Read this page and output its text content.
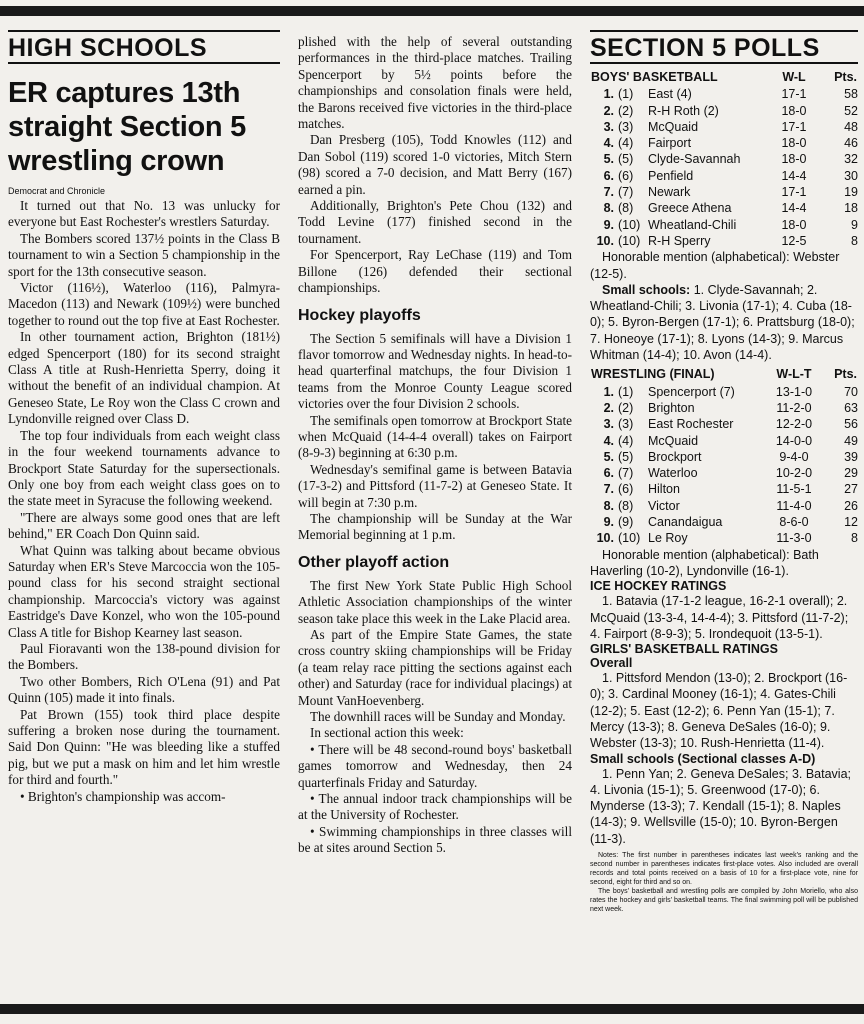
HIGH SCHOOLS
ER captures 13th straight Section 5 wrestling crown
Democrat and Chronicle

It turned out that No. 13 was unlucky for everyone but East Rochester's wrestlers Saturday.

The Bombers scored 137½ points in the Class B tournament to win a Section 5 championship in the sport for the 13th consecutive season.

Victor (116½), Waterloo (116), Palmyra-Macedon (113) and Newark (109½) were bunched together to round out the top five at East Rochester.

In other tournament action, Brighton (181½) edged Spencerport (180) for its second straight Class A title at Rush-Henrietta Sperry, doing it without the benefit of an individual champion. At Geneseo State, Le Roy won the Class C crown and Lyndonville reigned over Class D.

The top four individuals from each weight class in the four weekend tournaments advance to Brockport State Saturday for the supersectionals. Only one boy from each weight class goes on to the state meet in Syracuse the following weekend.

"There are always some good ones that are left behind," ER Coach Don Quinn said.

What Quinn was talking about became obvious Saturday when ER's Steve Marcoccia won the 105-pound class for his second straight sectional championship. Marcoccia's victory was against Eastridge's Dave Konzel, who won the 105-pound Class A title for Bishop Kearney last season.

Paul Fioravanti won the 138-pound division for the Bombers.

Two other Bombers, Rich O'Lena (91) and Pat Quinn (105) made it into finals.

Pat Brown (155) took third place despite suffering a broken nose during the tournament. Said Don Quinn: "He was bleeding like a stuffed pig, but we put a mask on him and let him wrestle for third and fourth."

• Brighton's championship was accom-

plished with the help of several outstanding performances in the third-place matches. Trailing Spencerport by 5½ points before the championships and consolation finals were held, the Barons received five victories in the third-place matches.

Dan Presberg (105), Todd Knowles (112) and Dan Sobol (119) scored 1-0 victories, Mitch Stern (98) scored a 7-0 decision, and Matt Berry (167) earned a pin.

Additionally, Brighton's Pete Chou (132) and Todd Levine (177) finished second in the tournament.

For Spencerport, Ray LeChase (119) and Tom Billone (126) defended their sectional championships.

Hockey playoffs

The Section 5 semifinals will have a Division 1 flavor tomorrow and Wednesday nights. In head-to-head quarterfinal matchups, the four Division 1 teams from the Monroe County League scored victories over the four Division 2 schools.

The semifinals open tomorrow at Brockport State when McQuaid (14-4-4 overall) takes on Fairport (8-9-3) beginning at 6:30 p.m.

Wednesday's semifinal game is between Batavia (17-3-2) and Pittsford (11-7-2) at Geneseo State. It will begin at 7:30 p.m.

The championship will be Sunday at the War Memorial beginning at 1 p.m.

Other playoff action

The first New York State Public High School Athletic Association championships of the winter season take place this week in the Lake Placid area.

As part of the Empire State Games, the state cross country skiing championships will be Friday (a team relay race pitting the sections against each other) and Saturday (race for individual placings) at Mount VanHoevenberg.

The downhill races will be Sunday and Monday.

In sectional action this week:

• There will be 48 second-round boys' basketball games tomorrow and Wednesday, then 24 quarterfinals Friday and Saturday.

• The annual indoor track championships will be at the University of Rochester.

• Swimming championships in three classes will be at sites around Section 5.

SECTION 5 POLLS
BOYS' BASKETBALL			W-L	Pts.
1.	(1)	East (4)	17-1	58
2.	(2)	R-H Roth (2)	18-0	52
3.	(3)	McQuaid	17-1	48
4.	(4)	Fairport	18-0	46
5.	(5)	Clyde-Savannah	18-0	32
6.	(6)	Penfield	14-4	30
7.	(7)	Newark	17-1	19
8.	(8)	Greece Athena	14-4	18
9.	(10)	Wheatland-Chili	18-0	9
10.	(10)	R-H Sperry	12-5	8
Honorable mention (alphabetical): Webster (12-5).
Small schools: 1. Clyde-Savannah; 2. Wheatland-Chili; 3. Livonia (17-1); 4. Cuba (18-0); 5. Byron-Bergen (17-1); 6. Prattsburg (18-0); 7. Honeoye (17-1); 8. Lyons (14-3); 9. Marcus Whitman (14-4); 10. Avon (14-4).
WRESTLING (FINAL)			W-L-T	Pts.
1.	(1)	Spencerport (7)	13-1-0	70
2.	(2)	Brighton	11-2-0	63
3.	(3)	East Rochester	12-2-0	56
4.	(4)	McQuaid	14-0-0	49
5.	(5)	Brockport	9-4-0	39
6.	(7)	Waterloo	10-2-0	29
7.	(6)	Hilton	11-5-1	27
8.	(8)	Victor	11-4-0	26
9.	(9)	Canandaigua	8-6-0	12
10.	(10)	Le Roy	11-3-0	8
Honorable mention (alphabetical): Bath Haverling (10-2), Lyndonville (16-1).
ICE HOCKEY RATINGS
1. Batavia (17-1-2 league, 16-2-1 overall); 2. McQuaid (13-3-4, 14-4-4); 3. Pittsford (11-7-2); 4. Fairport (8-9-3); 5. Irondequoit (13-5-1).
GIRLS' BASKETBALL RATINGS
Overall
1. Pittsford Mendon (13-0); 2. Brockport (16-0); 3. Cardinal Mooney (16-1); 4. Gates-Chili (12-2); 5. East (12-2); 6. Penn Yan (15-1); 7. Mercy (13-3); 8. Geneva DeSales (16-0); 9. Webster (13-3); 10. Rush-Henrietta (11-4).
Small schools (Sectional classes A-D)
1. Penn Yan; 2. Geneva DeSales; 3. Batavia; 4. Livonia (15-1); 5. Greenwood (17-0); 6. Mynderse (13-3); 7. Kendall (15-1); 8. Naples (14-3); 9. Wellsville (15-0); 10. Byron-Bergen (11-3).

Notes: The first number in parentheses indicates last week's ranking and the second number in parentheses indicates first-place votes. Also included are overall records and total points received on a basis of 10 for a first-place vote, nine for second, eight for third and so on.

The boys' basketball and wrestling polls are compiled by John Moriello, who also rates the hockey and girls' basketball teams. The final swimming poll will be published next week.
